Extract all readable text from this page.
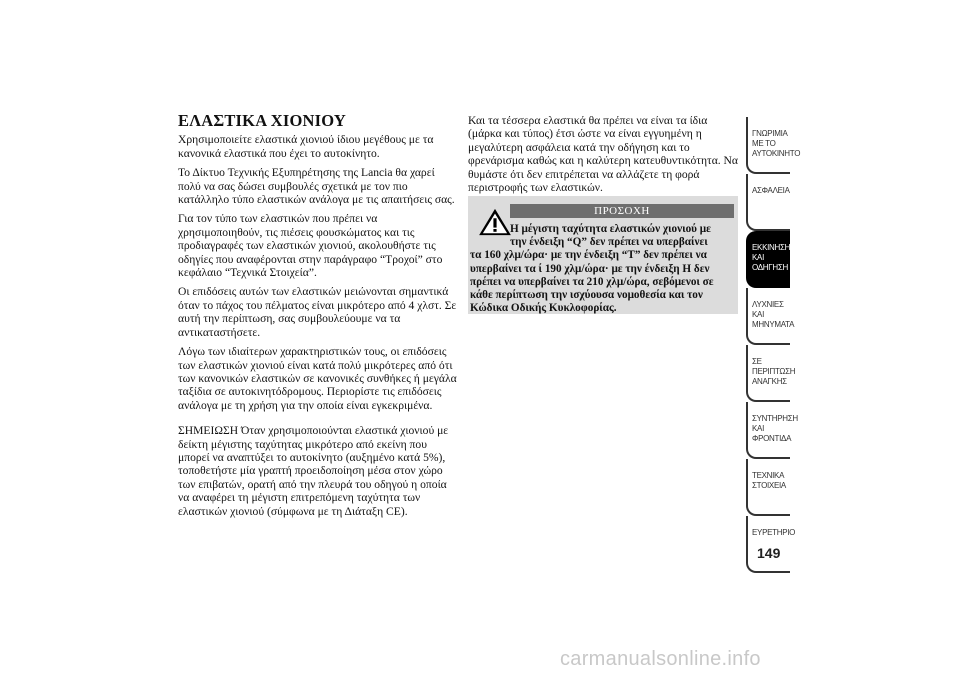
ΕΛΑΣΤΙΚΑ ΧΙΟΝΙΟΥ

Χρησιμοποιείτε ελαστικά χιονιού ίδιου μεγέθους με τα κανονικά ελαστικά που έχει το αυτοκίνητο.

Το Δίκτυο Τεχνικής Εξυπηρέτησης της Lancia θα χαρεί πολύ να σας δώσει συμβουλές σχετικά με τον πιο κατάλληλο τύπο ελαστικών ανάλογα με τις απαιτήσεις σας.

Για τον τύπο των ελαστικών που πρέπει να χρησιμοποιηθούν, τις πιέσεις φουσκώματος και τις προδιαγραφές των ελαστικών χιονιού, ακολουθήστε τις οδηγίες που αναφέρονται στην παράγραφο “Τροχοί” στο κεφάλαιο “Τεχνικά Στοιχεία”.

Οι επιδόσεις αυτών των ελαστικών μειώνονται σημαντικά όταν το πάχος του πέλματος είναι μικρότερο από 4 χλστ. Σε αυτή την περίπτωση, σας συμβουλεύουμε να τα αντικαταστήσετε.

Λόγω των ιδιαίτερων χαρακτηριστικών τους, οι επιδόσεις των ελαστικών χιονιού είναι κατά πολύ μικρότερες από ότι των κανονικών ελαστικών σε κανονικές συνθήκες ή μεγάλα ταξίδια σε αυτοκινητόδρομους. Περιορίστε τις επιδόσεις ανάλογα με τη χρήση για την οποία είναι εγκεκριμένα.

ΣΗΜΕΙΩΣΗ Όταν χρησιμοποιούνται ελαστικά χιονιού με δείκτη μέγιστης ταχύτητας μικρότερο από εκείνη που μπορεί να αναπτύξει το αυτοκίνητο (αυξημένο κατά 5%), τοποθετήστε μία γραπτή προειδοποίηση μέσα στον χώρο των επιβατών, ορατή από την πλευρά του οδηγού η οποία να αναφέρει τη μέγιστη επιτρεπόμενη ταχύτητα των ελαστικών χιονιού (σύμφωνα με τη Διάταξη CE).

Και τα τέσσερα ελαστικά θα πρέπει να είναι τα ίδια (μάρκα και τύπος) έτσι ώστε να είναι εγγυημένη η μεγαλύτερη ασφάλεια κατά την οδήγηση και το φρενάρισμα καθώς και η καλύτερη κατευθυντικότητα. Να θυμάστε ότι δεν επιτρέπεται να αλλάζετε τη φορά περιστροφής των ελαστικών.

ΠΡΟΣΟΧΗ
Η μέγιστη ταχύτητα ελαστικών χιονιού με
την ένδειξη “Q” δεν πρέπει να υπερβαίνει
τα 160 χλμ/ώρα· με την ένδειξη “T” δεν πρέπει να υπερβαίνει τα ί 190 χλμ/ώρα· με την ένδειξη H δεν πρέπει να υπερβαίνει τα 210 χλμ/ώρα, σεβόμενοι σε κάθε περίπτωση την ισχύουσα νομοθεσία και τον Κώδικα Οδικής Κυκλοφορίας.
ΓΝΩΡΙΜΙΑ ΜΕ ΤΟ ΑΥΤΟΚΙΝΗΤΟ
ΑΣΦΑΛΕΙΑ
ΕΚΚΙΝΗΣΗ ΚΑΙ ΟΔΗΓΗΣΗ
ΛΥΧΝΙΕΣ ΚΑΙ ΜΗΝΥΜΑΤΑ
ΣΕ ΠΕΡΙΠΤΩΣΗ ΑΝΑΓΚΗΣ
ΣΥΝΤΗΡΗΣΗ ΚΑΙ ΦΡΟΝΤΙΔΑ
ΤΕΧΝΙΚΑ ΣΤΟΙΧΕΙΑ
ΕΥΡΕΤΗΡΙΟ
149
carmanualsonline.info
